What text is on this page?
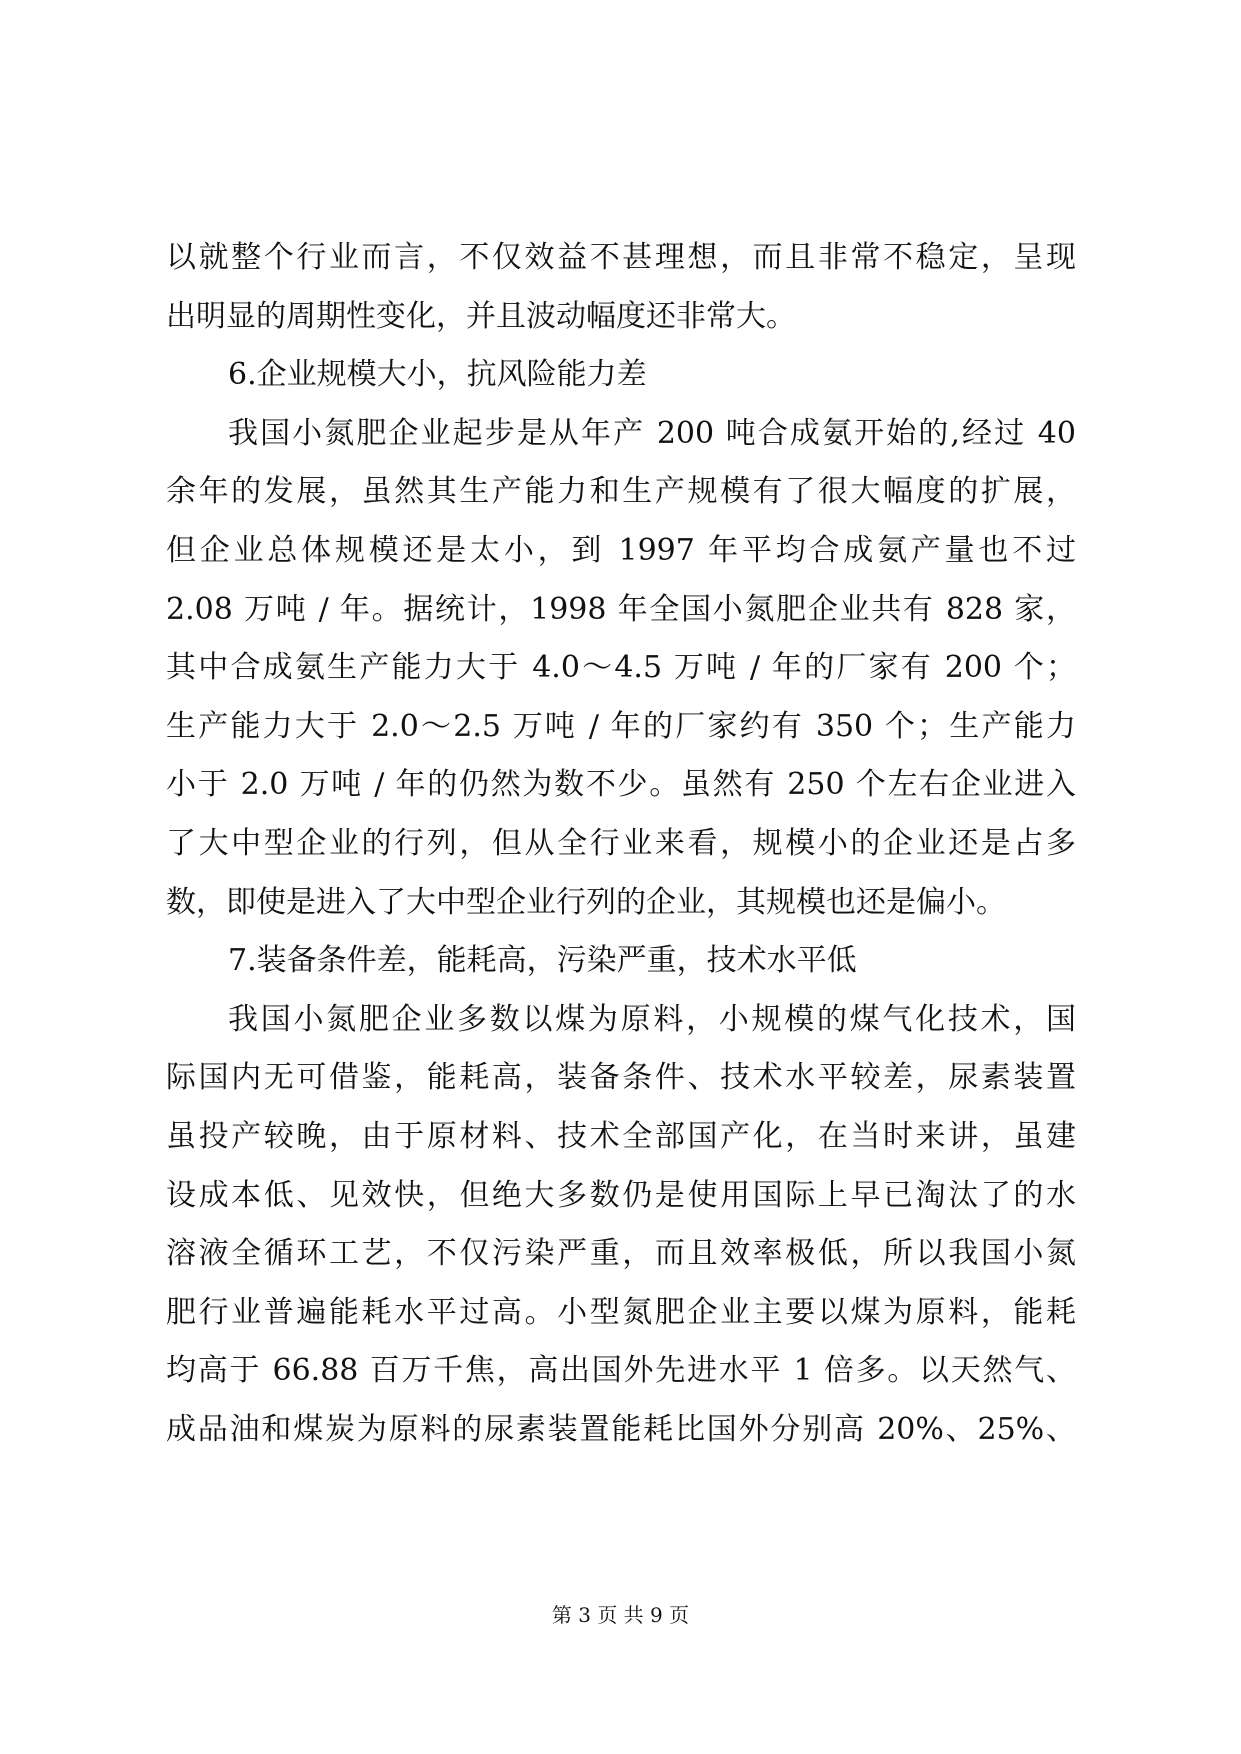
以就整个行业而言，不仅效益不甚理想，而且非常不稳定，呈现
出明显的周期性变化，并且波动幅度还非常大。
6.企业规模大小，抗风险能力差
我国小氮肥企业起步是从年产 200 吨合成氨开始的,经过 40
余年的发展，虽然其生产能力和生产规模有了很大幅度的扩展，
但企业总体规模还是太小，到 1997 年平均合成氨产量也不过
2.08 万吨 / 年。据统计，1998 年全国小氮肥企业共有 828 家，
其中合成氨生产能力大于 4.0～4.5 万吨 / 年的厂家有 200 个；
生产能力大于 2.0～2.5 万吨 / 年的厂家约有 350 个；生产能力
小于 2.0 万吨 / 年的仍然为数不少。虽然有 250 个左右企业进入
了大中型企业的行列，但从全行业来看，规模小的企业还是占多
数，即使是进入了大中型企业行列的企业，其规模也还是偏小。
7.装备条件差，能耗高，污染严重，技术水平低
我国小氮肥企业多数以煤为原料，小规模的煤气化技术，国
际国内无可借鉴，能耗高，装备条件、技术水平较差，尿素装置
虽投产较晚，由于原材料、技术全部国产化，在当时来讲，虽建
设成本低、见效快，但绝大多数仍是使用国际上早已淘汰了的水
溶液全循环工艺，不仅污染严重，而且效率极低，所以我国小氮
肥行业普遍能耗水平过高。小型氮肥企业主要以煤为原料，能耗
均高于 66.88 百万千焦，高出国外先进水平 1 倍多。以天然气、
成品油和煤炭为原料的尿素装置能耗比国外分别高 20%、25%、
第 3 页 共 9 页
